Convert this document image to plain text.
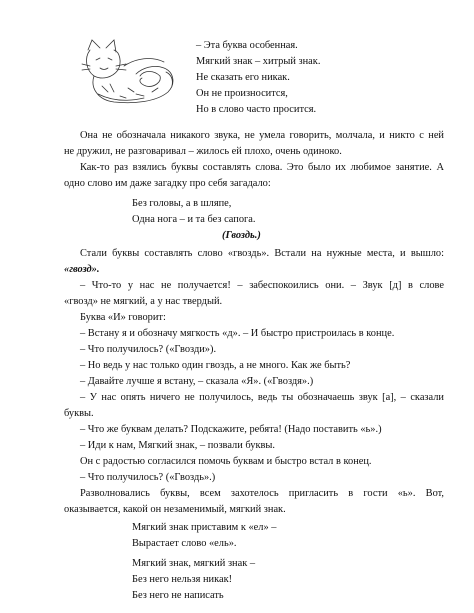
– Эта буква особенная.
Мягкий знак – хитрый знак.
Не сказать его никак.
Он не произносится,
Но в слово часто просится.
Она не обозначала никакого звука, не умела говорить, молчала, и никто с ней
не дружил, не разговаривал – жилось ей плохо, очень одиноко.
Как-то раз взялись буквы составлять слова. Это было их любимое занятие. А
одно слово им даже загадку про себя загадало:
Без головы, а в шляпе,
Одна нога – и та без сапога.
(Гвоздь.)
Стали буквы составлять слово «гвоздь». Встали на нужные места, и вышло:
«гвозд».
– Что-то у нас не получается! – забеспокоились они. – Звук [д] в слове
«гвозд» не мягкий, а у нас твердый.
Буква «И» говорит:
– Встану я и обозначу мягкость «д». – И быстро пристроилась в конце.
– Что получилось? («Гвозди»).
– Но ведь у нас только один гвоздь, а не много. Как же быть?
– Давайте лучше я встану, – сказала «Я». («Гвоздя».)
– У нас опять ничего не получилось, ведь ты обозначаешь звук [а], – сказали
буквы.
– Что же буквам делать? Подскажите, ребята! (Надо поставить «ь».)
– Иди к нам, Мягкий знак, – позвали буквы.
Он с радостью согласился помочь буквам и быстро встал в конец.
– Что получилось? («Гвоздь».)
Разволновались буквы, всем захотелось пригласить в гости «ь». Вот,
оказывается, какой он незаменимый, мягкий знак.
Мягкий знак приставим к «ел» –
Вырастает слово «ель».
Мягкий знак, мягкий знак –
Без него нельзя никак!
Без него не написать
